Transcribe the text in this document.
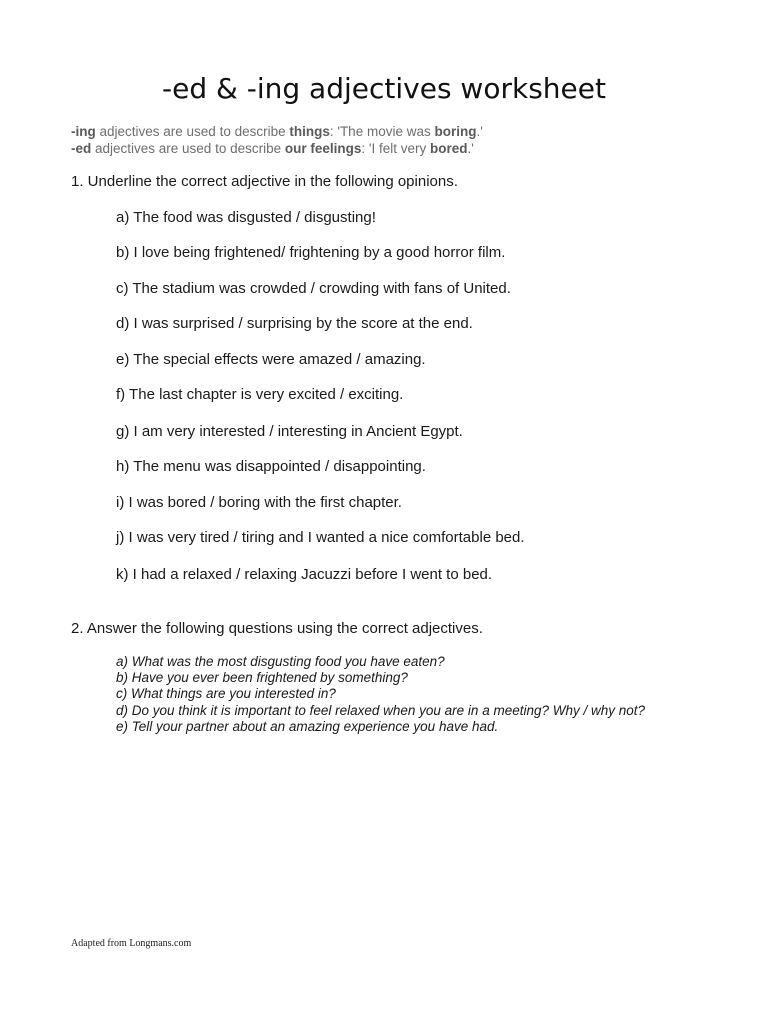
-ed & -ing adjectives worksheet
-ing adjectives are used to describe things: 'The movie was boring.'
-ed adjectives are used to describe our feelings: 'I felt very bored.'
1. Underline the correct adjective in the following opinions.
a) The food was disgusted / disgusting!
b) I love being frightened/ frightening by a good horror film.
c) The stadium was crowded / crowding with fans of United.
d) I was surprised / surprising by the score at the end.
e) The special effects were amazed / amazing.
f) The last chapter is very excited / exciting.
g) I am very interested / interesting in Ancient Egypt.
h) The menu was disappointed / disappointing.
i) I was bored / boring with the first chapter.
j) I was very tired / tiring and I wanted a nice comfortable bed.
k) I had a relaxed / relaxing Jacuzzi before I went to bed.
2. Answer the following questions using the correct adjectives.
a) What was the most disgusting food you have eaten?
b) Have you ever been frightened by something?
c) What things are you interested in?
d) Do you think it is important to feel relaxed when you are in a meeting? Why / why not?
e) Tell your partner about an amazing experience you have had.
Adapted from Longmans.com
